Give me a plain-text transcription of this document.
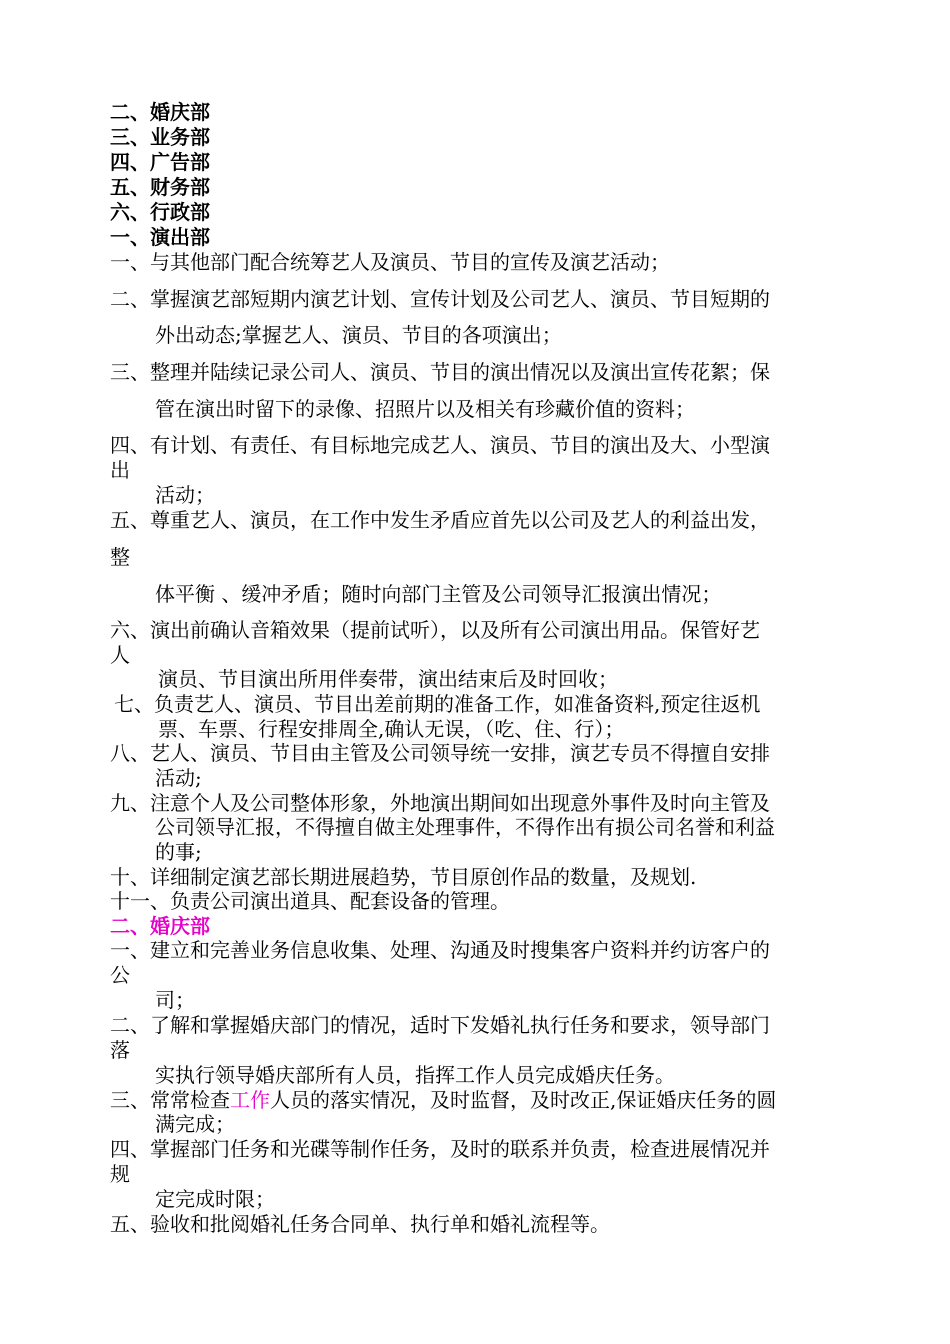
二、婚庆部
三、业务部
四、广告部
五、财务部
六、行政部
一、演出部
一、与其他部门配合统筹艺人及演员、节目的宣传及演艺活动；
二、掌握演艺部短期内演艺计划、宣传计划及公司艺人、演员、节目短期的
外出动态;掌握艺人、演员、节目的各项演出；
三、整理并陆续记录公司人、演员、节目的演出情况以及演出宣传花絮；保
管在演出时留下的录像、招照片以及相关有珍藏价值的资料；
四、有计划、有责任、有目标地完成艺人、演员、节目的演出及大、小型演
出
活动；
五、尊重艺人、演员，在工作中发生矛盾应首先以公司及艺人的利益出发，
整
体平衡 、缓冲矛盾；随时向部门主管及公司领导汇报演出情况；
六、演出前确认音箱效果（提前试听），以及所有公司演出用品。保管好艺
人
演员、节目演出所用伴奏带，演出结束后及时回收；
七、负责艺人、演员、节目出差前期的准备工作，如准备资料,预定往返机
票、车票、行程安排周全,确认无误，（吃、住、行）；
八、艺人、演员、节目由主管及公司领导统一安排，演艺专员不得擅自安排
活动;
九、注意个人及公司整体形象，外地演出期间如出现意外事件及时向主管及
公司领导汇报，不得擅自做主处理事件，不得作出有损公司名誉和利益
的事;
十、详细制定演艺部长期进展趋势，节目原创作品的数量，及规划.
十一、负责公司演出道具、配套设备的管理。
二、婚庆部
一、建立和完善业务信息收集、处理、沟通及时搜集客户资料并约访客户的
公
司；
二、了解和掌握婚庆部门的情况，适时下发婚礼执行任务和要求，领导部门
落
实执行领导婚庆部所有人员，指挥工作人员完成婚庆任务。
三、常常检查工作人员的落实情况，及时监督，及时改正,保证婚庆任务的圆
满完成；
四、掌握部门任务和光碟等制作任务，及时的联系并负责，检查进展情况并
规
定完成时限；
五、验收和批阅婚礼任务合同单、执行单和婚礼流程等。
